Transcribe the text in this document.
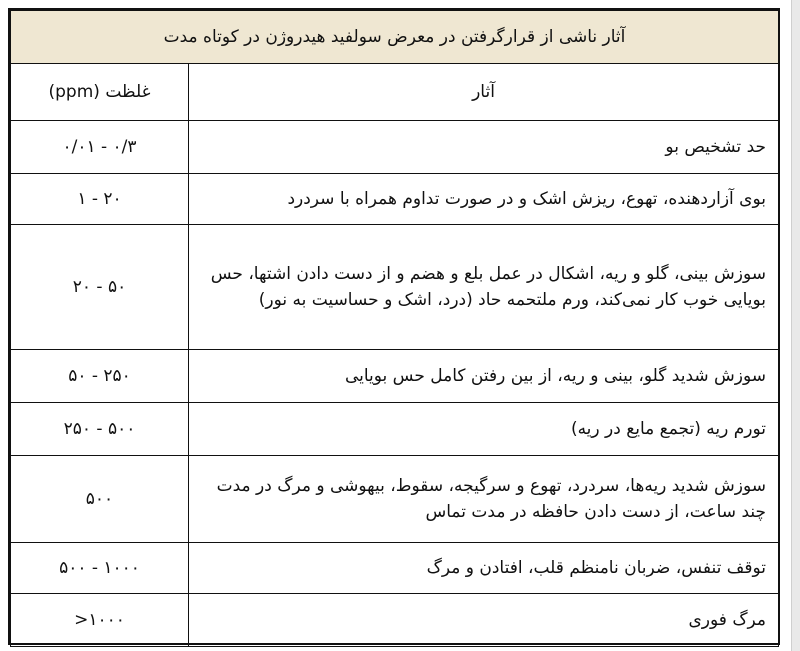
آثار ناشی از قرارگرفتن در معرض سولفید هیدروژن در کوتاه مدت	
آثار	غلظت (ppm)
حد تشخیص بو	۰/۰۱ - ۰/۳
بوی آزاردهنده، تهوع، ریزش اشک و در صورت تداوم همراه با سردرد	۱ - ۲۰
سوزش بینی، گلو و ریه، اشکال در عمل بلع و هضم و از دست دادن اشتها، حس بویایی خوب کار نمی‌کند، ورم ملتحمه حاد (درد، اشک و حساسیت به نور)	۲۰ - ۵۰
سوزش شدید گلو، بینی و ریه، از بین رفتن کامل حس بویایی	۵۰ - ۲۵۰
تورم ریه (تجمع مایع در ریه)	۲۵۰ - ۵۰۰
سوزش شدید ریه‌ها، سردرد، تهوع و سرگیجه، سقوط، بیهوشی و مرگ در مدت چند ساعت، از دست دادن حافظه در مدت تماس	۵۰۰
توقف تنفس، ضربان نامنظم قلب، افتادن و مرگ	۵۰۰ - ۱۰۰۰
مرگ فوری	>۱۰۰۰
